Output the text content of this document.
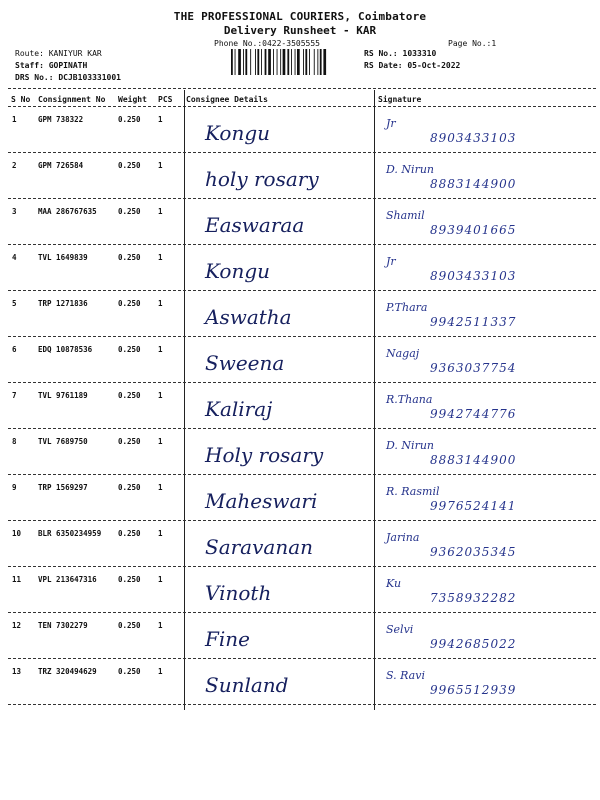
THE PROFESSIONAL COURIERS, Coimbatore
Delivery Runsheet - KAR
Phone No.:0422-3505555	Page No.:1
Route: KANIYUR KAR
Staff: GOPINATH
DRS No.: DCJB103331001
RS No.: 1033310
RS Date: 05-Oct-2022
S No Consignment No Weight PCS Consignee Details	Signature
1	GPM 738322	0.250 1
Kongu	Jr
8903433103
2	GPM 726584	0.250 1
holy rosary	D. Nirun
8883144900
3	MAA 286767635	0.250 1
Easwaraa	Shamil
8939401665
4	TVL 1649839	0.250 1
Kongu	Jr
8903433103
5	TRP 1271836	0.250 1
Aswatha	P.Thara
9942511337
6	EDQ 10878536	0.250 1
Sweena	Nagaj
9363037754
7	TVL 9761189	0.250 1
Kaliraj	R.Thana
9942744776
8	TVL 7689750	0.250 1
Holy rosary	D. Nirun
8883144900
9	TRP 1569297	0.250 1
Maheswari	R. Rasmil
9976524141
10 BLR 6350234959 0.250 1
Saravanan	Jarina
9362035345
11 VPL 213647316	0.250 1
Vinoth	Ku
7358932282
12 TEN 7302279	0.250 1
Fine	Selvi
9942685022
13 TRZ 320494629	0.250 1
Sunland	S. Ravi
9965512939
